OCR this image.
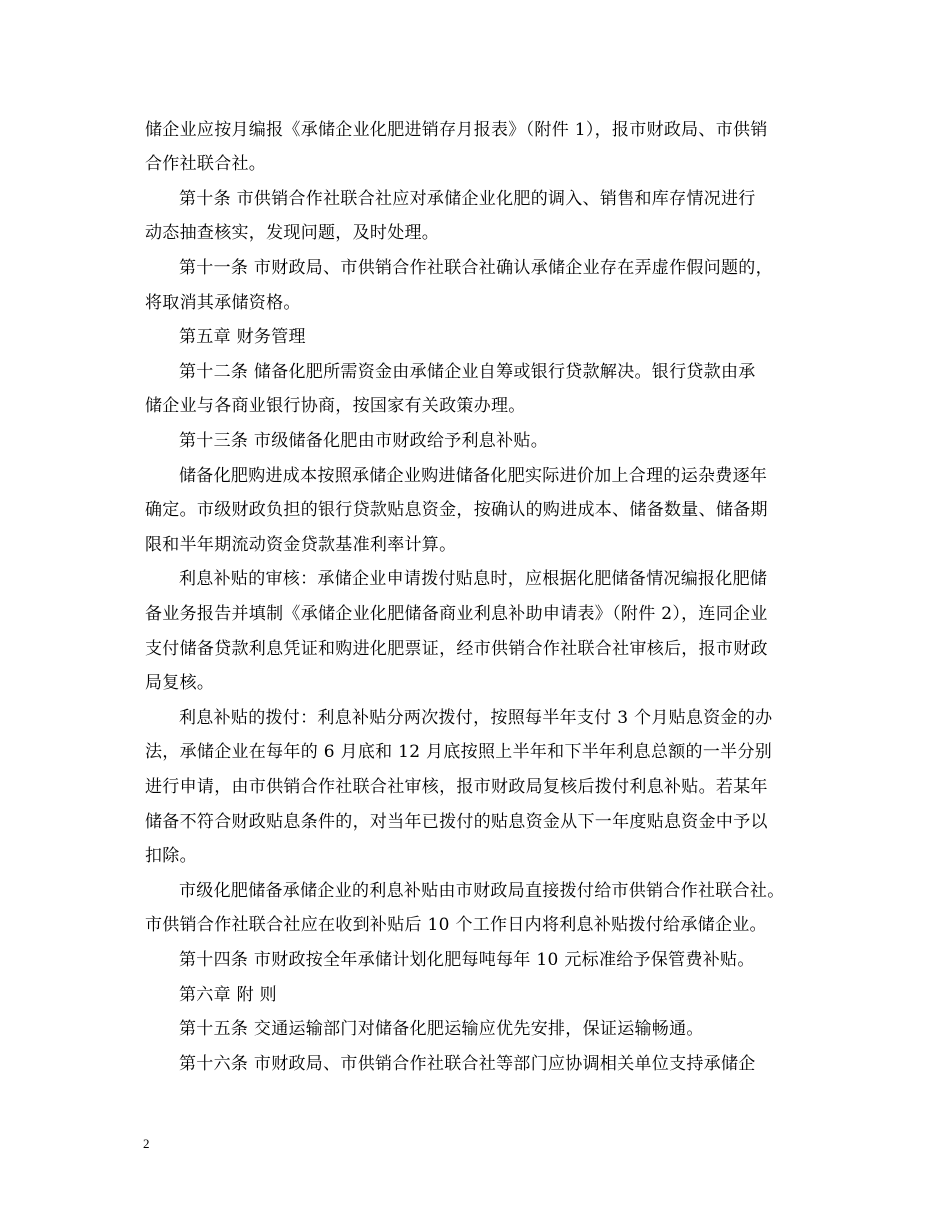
储企业应按月编报《承储企业化肥进销存月报表》（附件 1），报市财政局、市供销
合作社联合社。
第十条 市供销合作社联合社应对承储企业化肥的调入、销售和库存情况进行
动态抽查核实，发现问题，及时处理。
第十一条 市财政局、市供销合作社联合社确认承储企业存在弄虚作假问题的，
将取消其承储资格。
第五章 财务管理
第十二条 储备化肥所需资金由承储企业自筹或银行贷款解决。银行贷款由承
储企业与各商业银行协商，按国家有关政策办理。
第十三条 市级储备化肥由市财政给予利息补贴。
储备化肥购进成本按照承储企业购进储备化肥实际进价加上合理的运杂费逐年
确定。市级财政负担的银行贷款贴息资金，按确认的购进成本、储备数量、储备期
限和半年期流动资金贷款基准利率计算。
利息补贴的审核：承储企业申请拨付贴息时，应根据化肥储备情况编报化肥储
备业务报告并填制《承储企业化肥储备商业利息补助申请表》（附件 2），连同企业
支付储备贷款利息凭证和购进化肥票证，经市供销合作社联合社审核后，报市财政
局复核。
利息补贴的拨付：利息补贴分两次拨付，按照每半年支付 3 个月贴息资金的办
法，承储企业在每年的 6 月底和 12 月底按照上半年和下半年利息总额的一半分别
进行申请，由市供销合作社联合社审核，报市财政局复核后拨付利息补贴。若某年
储备不符合财政贴息条件的，对当年已拨付的贴息资金从下一年度贴息资金中予以
扣除。
市级化肥储备承储企业的利息补贴由市财政局直接拨付给市供销合作社联合社。
市供销合作社联合社应在收到补贴后 10 个工作日内将利息补贴拨付给承储企业。
第十四条 市财政按全年承储计划化肥每吨每年 10 元标准给予保管费补贴。
第六章 附 则
第十五条 交通运输部门对储备化肥运输应优先安排，保证运输畅通。
第十六条 市财政局、市供销合作社联合社等部门应协调相关单位支持承储企
2
